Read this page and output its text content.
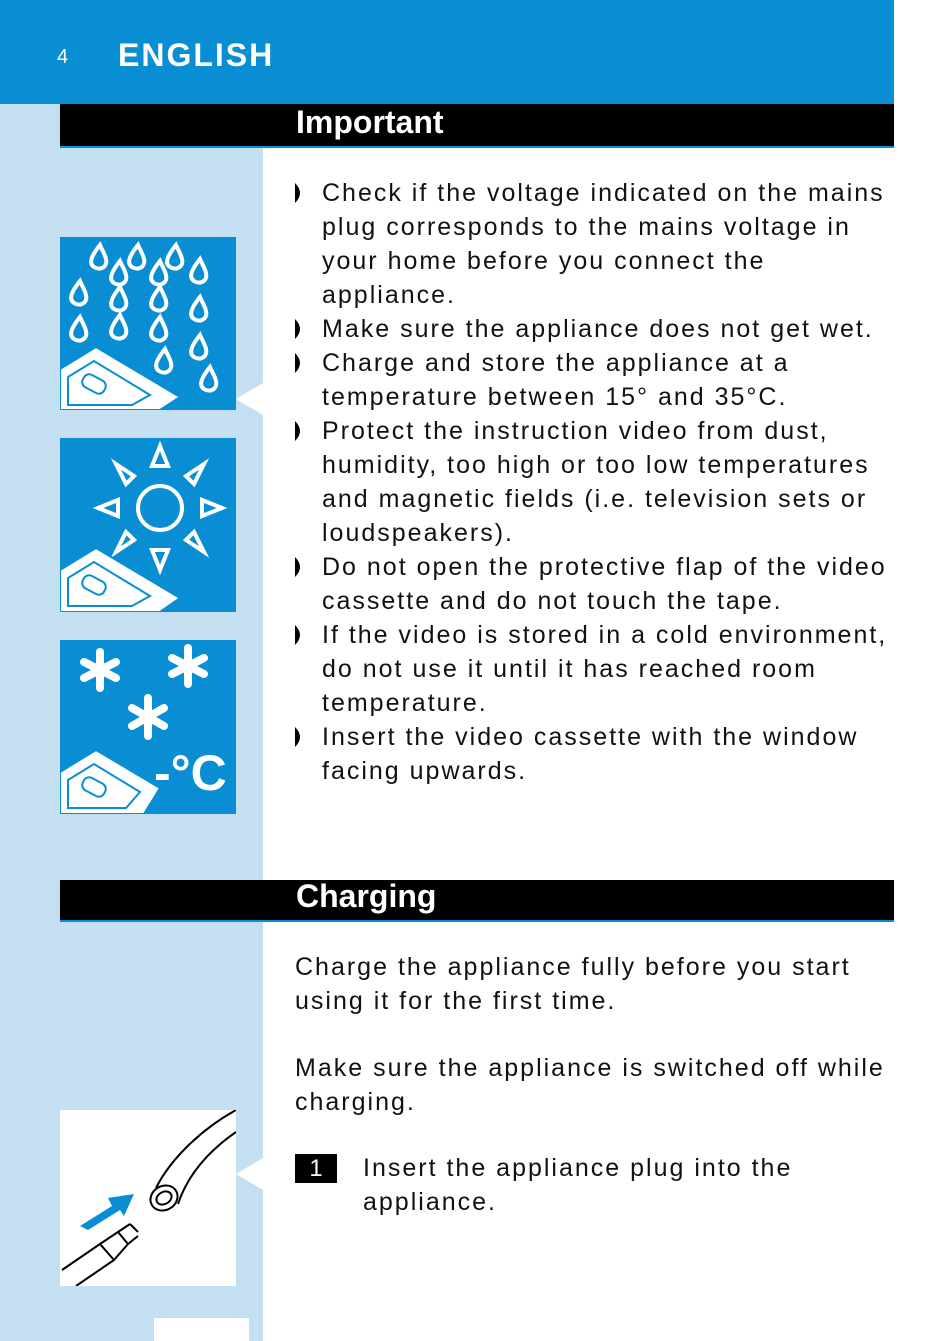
4 ENGLISH
Important
-°C
Check if the voltage indicated on the mains plug corresponds to the mains voltage in your home before you connect the appliance.
Make sure the appliance does not get wet.
Charge and store the appliance at a temperature between 15° and 35°C.
Protect the instruction video from dust, humidity, too high or too low temperatures and magnetic fields (i.e. television sets or loudspeakers).
Do not open the protective flap of the video cassette and do not touch the tape.
If the video is stored in a cold environment, do not use it until it has reached room temperature.
Insert the video cassette with the window facing upwards.
Charging

Charge the appliance fully before you start using it for the first time.

Make sure the appliance is switched off while charging.

1	Insert the appliance plug into the appliance.
